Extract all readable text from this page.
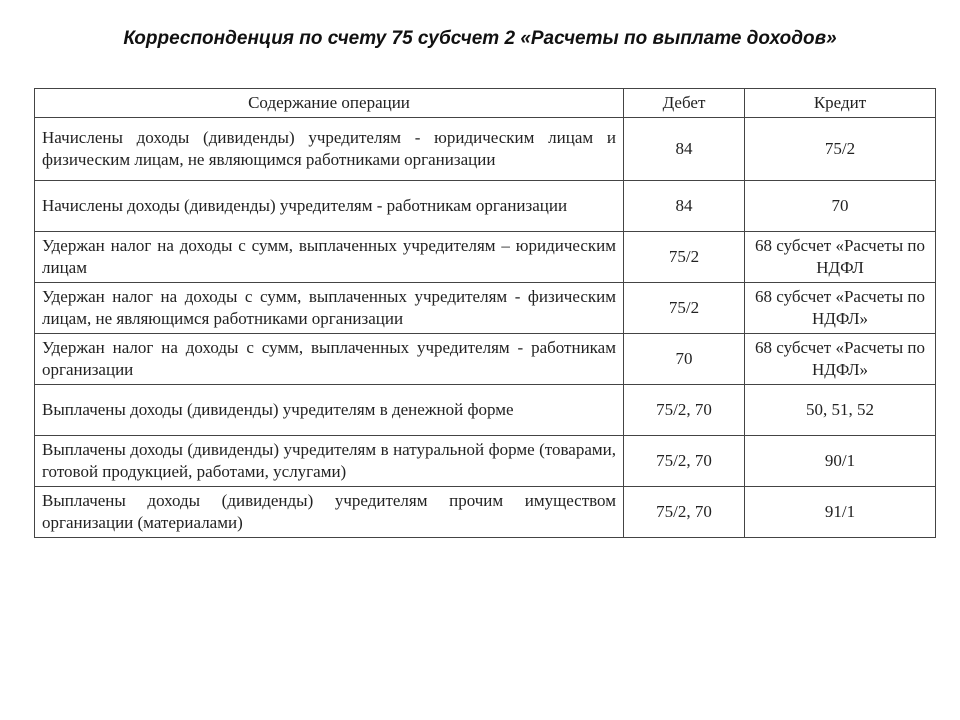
Корреспонденция по счету 75 субсчет 2 «Расчеты по выплате доходов»
Содержание операции	Дебет	Кредит
Начислены доходы (дивиденды) учредителям - юридическим лицам и физическим лицам, не являющимся работниками организации	84	75/2
Начислены доходы (дивиденды) учредителям - работникам организации	84	70
Удержан налог на доходы с сумм, выплаченных учредителям – юридическим лицам	75/2	68 субсчет «Расчеты по НДФЛ
Удержан налог на доходы с сумм, выплаченных учредителям - физическим лицам, не являющимся работниками организации	75/2	68 субсчет «Расчеты по НДФЛ»
Удержан налог на доходы с сумм, выплаченных учредителям - работникам организации	70	68 субсчет «Расчеты по НДФЛ»
Выплачены доходы (дивиденды) учредителям в денежной форме	75/2, 70	50, 51, 52
Выплачены доходы (дивиденды) учредителям в натуральной форме (товарами, готовой продукцией, работами, услугами)	75/2, 70	90/1
Выплачены доходы (дивиденды) учредителям прочим имуществом организации (материалами)	75/2, 70	91/1
